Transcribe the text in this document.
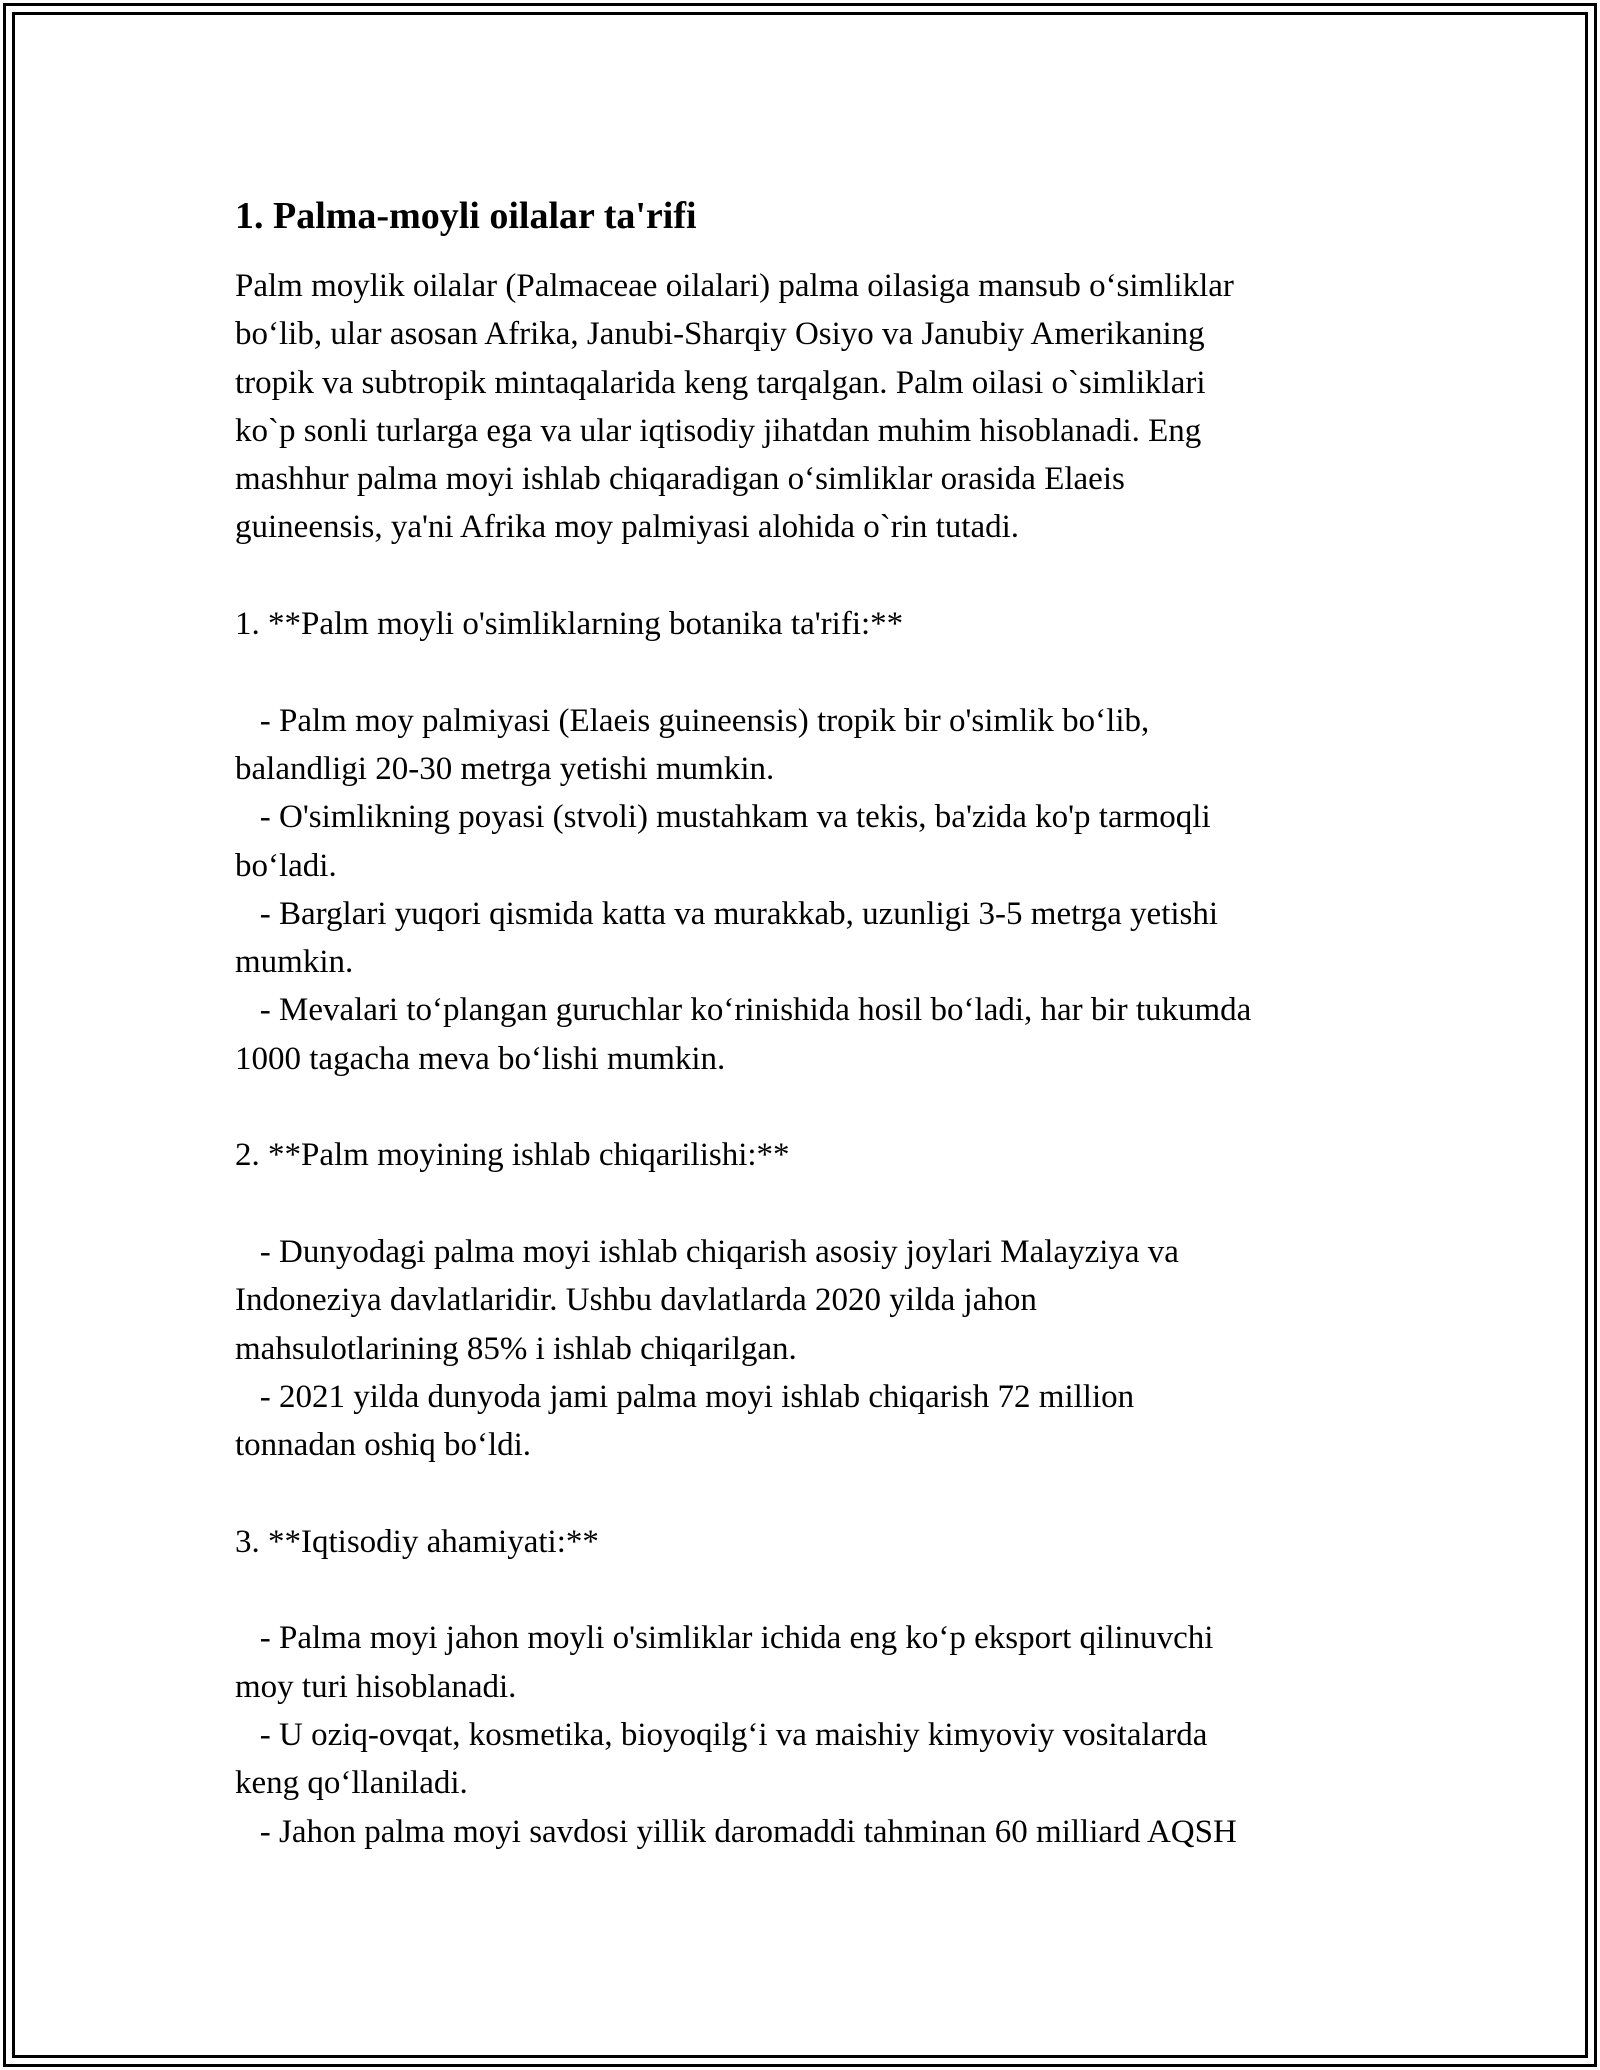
1. Palma-moyli oilalar ta'rifi
Palm moylik oilalar (Palmaceae oilalari) palma oilasiga mansub o‘simliklar
bo‘lib, ular asosan Afrika, Janubi-Sharqiy Osiyo va Janubiy Amerikaning
tropik va subtropik mintaqalarida keng tarqalgan. Palm oilasi o`simliklari
ko`p sonli turlarga ega va ular iqtisodiy jihatdan muhim hisoblanadi. Eng
mashhur palma moyi ishlab chiqaradigan o‘simliklar orasida Elaeis
guineensis, ya'ni Afrika moy palmiyasi alohida o`rin tutadi.
1. **Palm moyli o'simliklarning botanika ta'rifi:**
- Palm moy palmiyasi (Elaeis guineensis) tropik bir o'simlik bo‘lib,
balandligi 20-30 metrga yetishi mumkin.
- O'simlikning poyasi (stvoli) mustahkam va tekis, ba'zida ko'p tarmoqli
bo‘ladi.
- Barglari yuqori qismida katta va murakkab, uzunligi 3-5 metrga yetishi
mumkin.
- Mevalari to‘plangan guruchlar ko‘rinishida hosil bo‘ladi, har bir tukumda
1000 tagacha meva bo‘lishi mumkin.
2. **Palm moyining ishlab chiqarilishi:**
- Dunyodagi palma moyi ishlab chiqarish asosiy joylari Malayziya va
Indoneziya davlatlaridir. Ushbu davlatlarda 2020 yilda jahon
mahsulotlarining 85% i ishlab chiqarilgan.
- 2021 yilda dunyoda jami palma moyi ishlab chiqarish 72 million
tonnadan oshiq bo‘ldi.
3. **Iqtisodiy ahamiyati:**
- Palma moyi jahon moyli o'simliklar ichida eng ko‘p eksport qilinuvchi
moy turi hisoblanadi.
- U oziq-ovqat, kosmetika, bioyoqilg‘i va maishiy kimyoviy vositalarda
keng qo‘llaniladi.
- Jahon palma moyi savdosi yillik daromaddi tahminan 60 milliard AQSH
